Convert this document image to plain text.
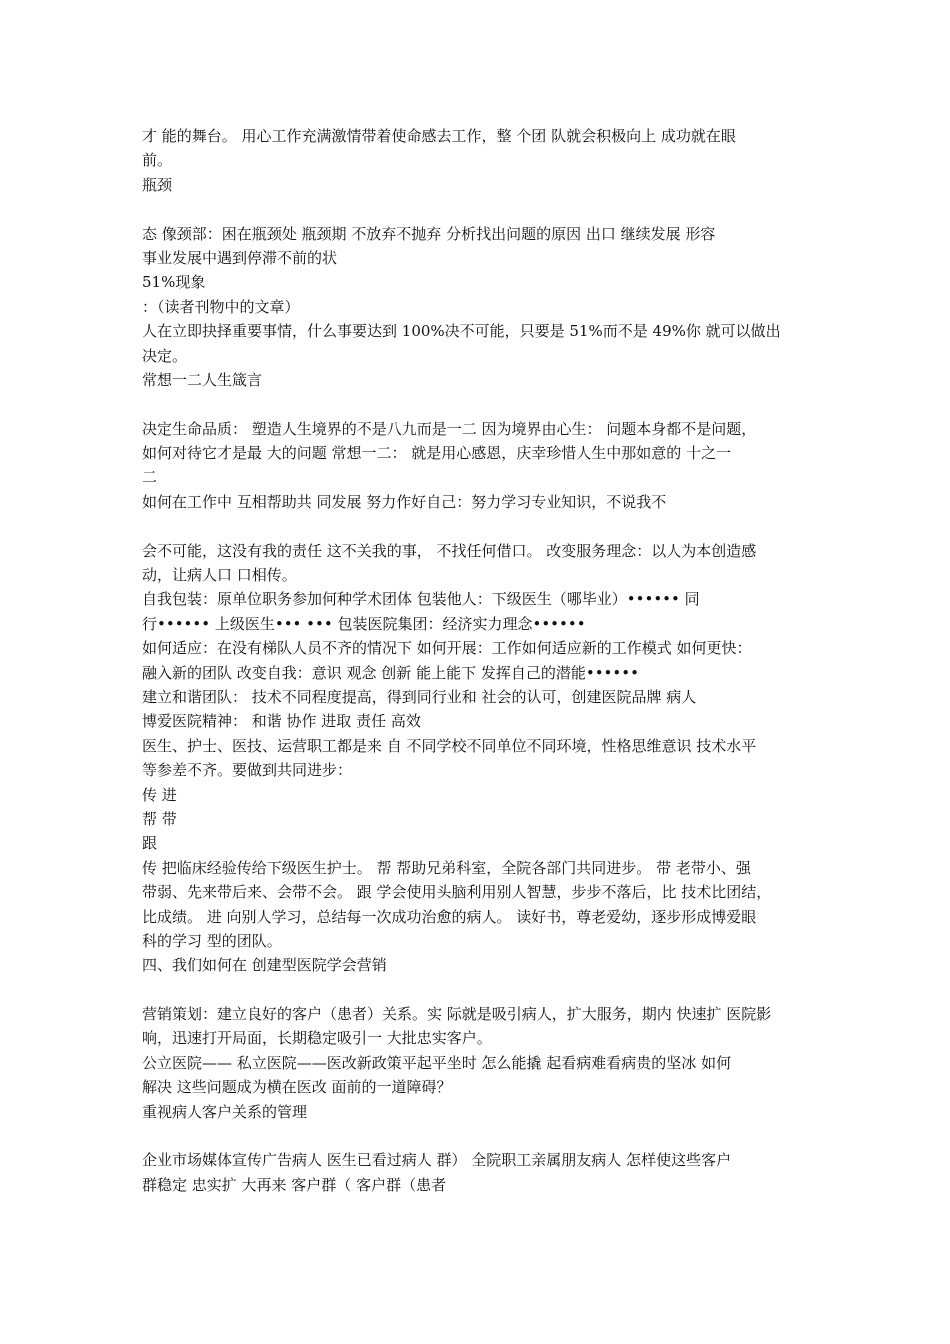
才 能的舞台。 用心工作充满激情带着使命感去工作，整 个团 队就会积极向上 成功就在眼
前。
瓶颈
态 像颈部：困在瓶颈处 瓶颈期 不放弃不抛弃 分析找出问题的原因 出口 继续发展 形容
事业发展中遇到停滞不前的状
51%现象
：（读者刊物中的文章）
人在立即抉择重要事情，什么事要达到 100%决不可能，只要是 51%而不是 49%你 就可以做出
决定。
常想一二人生箴言
决定生命品质： 塑造人生境界的不是八九而是一二 因为境界由心生： 问题本身都不是问题，
如何对待它才是最 大的问题 常想一二： 就是用心感恩，庆幸珍惜人生中那如意的 十之一
二
如何在工作中 互相帮助共 同发展 努力作好自己：努力学习专业知识，不说我不
会不可能，这没有我的责任 这不关我的事， 不找任何借口。 改变服务理念：以人为本创造感
动，让病人口 口相传。
自我包装：原单位职务参加何种学术团体 包装他人：下级医生（哪毕业）•••••• 同
行•••••• 上级医生••• ••• 包装医院集团：经济实力理念••••••
如何适应：在没有梯队人员不齐的情况下 如何开展：工作如何适应新的工作模式 如何更快：
融入新的团队 改变自我：意识 观念 创新 能上能下 发挥自己的潜能••••••
建立和谐团队： 技术不同程度提高，得到同行业和 社会的认可，创建医院品牌 病人
博爱医院精神： 和谐 协作 进取 责任 高效
医生、护士、医技、运营职工都是来 自 不同学校不同单位不同环境，性格思维意识 技术水平
等参差不齐。要做到共同进步：
传 进
帮 带
跟
传 把临床经验传给下级医生护士。 帮 帮助兄弟科室，全院各部门共同进步。 带 老带小、强
带弱、先来带后来、会带不会。 跟 学会使用头脑利用别人智慧，步步不落后，比 技术比团结，
比成绩。 进 向别人学习，总结每一次成功治愈的病人。 读好书，尊老爱幼，逐步形成博爱眼
科的学习 型的团队。
四、我们如何在 创建型医院学会营销
营销策划：建立良好的客户（患者）关系。实 际就是吸引病人，扩大服务，期内 快速扩 医院影
响，迅速打开局面，长期稳定吸引一 大批忠实客户。
公立医院—— 私立医院——医改新政策平起平坐时 怎么能撬 起看病难看病贵的坚冰 如何
解决 这些问题成为横在医改 面前的一道障碍？
重视病人客户关系的管理
企业市场媒体宣传广告病人 医生已看过病人 群） 全院职工亲属朋友病人 怎样使这些客户
群稳定 忠实扩 大再来 客户群（ 客户群（患者
